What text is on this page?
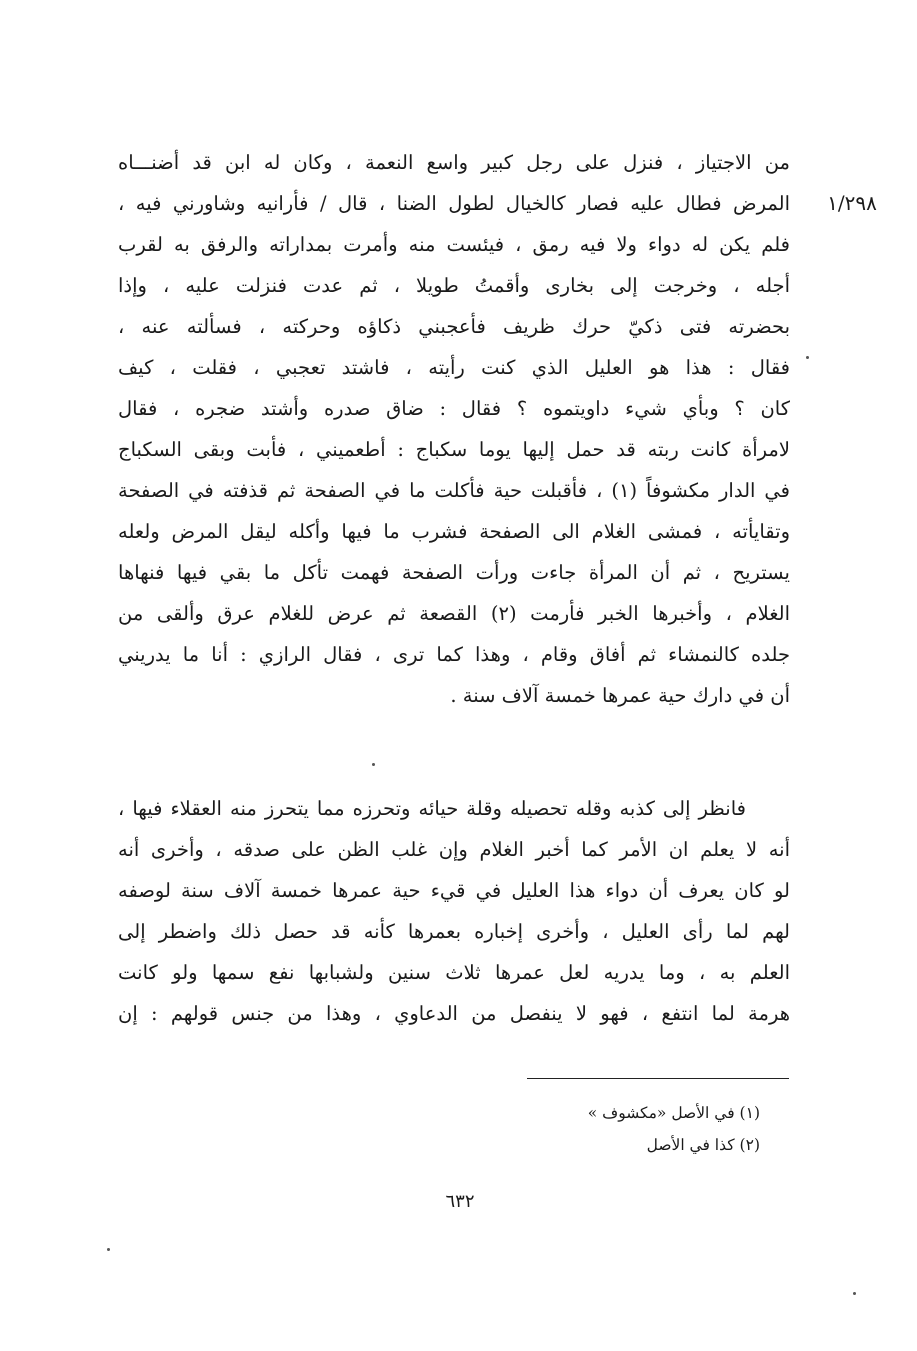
١/٢٩٨
من الاجتياز ، فنزل على رجل كبير واسع النعمة ، وكان له ابن قد أضنـــاه
المرض فطال عليه فصار كالخيال لطول الضنا ، قال / فأرانيه وشاورني فيه ،
فلم يكن له دواء ولا فيه رمق ، فيئست منه وأمرت بمداراته والرفق به لقرب
أجله ، وخرجت إلى بخارى وأقمتُ طويلا ، ثم عدت فنزلت عليه ، وإذا
بحضرته فتى ذكيّ حرك ظريف فأعجبني ذكاؤه وحركته ، فسألته عنه ،
فقال : هذا هو العليل الذي كنت رأيته ، فاشتد تعجبي ، فقلت ، كيف
كان ؟ وبأي شيء داويتموه ؟ فقال : ضاق صدره وأشتد ضجره ، فقال
لامرأة كانت ربته قد حمل إليها يوما سكباج : أطعميني ، فأبت وبقى السكباج
في الدار مكشوفاً (١) ، فأقبلت حية فأكلت ما في الصفحة ثم قذفته في الصفحة
وتقايأته ، فمشى الغلام الى الصفحة فشرب ما فيها وأكله ليقل المرض ولعله
يستريح ، ثم أن المرأة جاءت ورأت الصفحة فهمت تأكل ما بقي فيها فنهاها
الغلام ، وأخبرها الخبر فأرمت (٢) القصعة ثم عرض للغلام عرق وألقى من
جلده كالنمشاء ثم أفاق وقام ، وهذا كما ترى ، فقال الرازي : أنا ما يدريني
أن في دارك حية عمرها خمسة آلاف سنة .
فانظر إلى كذبه وقله تحصيله وقلة حيائه وتحرزه مما يتحرز منه العقلاء فيها ،
أنه لا يعلم ان الأمر كما أخبر الغلام وإن غلب الظن على صدقه ، وأخرى أنه
لو كان يعرف أن دواء هذا العليل في قيء حية عمرها خمسة آلاف سنة لوصفه
لهم لما رأى العليل ، وأخرى إخباره بعمرها كأنه قد حصل ذلك واضطر إلى
العلم به ، وما يدريه لعل عمرها ثلاث سنين ولشبابها نفع سمها ولو كانت
هرمة لما انتفع ، فهو لا ينفصل من الدعاوي ، وهذا من جنس قولهم : إن
(١) في الأصل «مكشوف »
(٢) كذا في الأصل
٦٣٢
